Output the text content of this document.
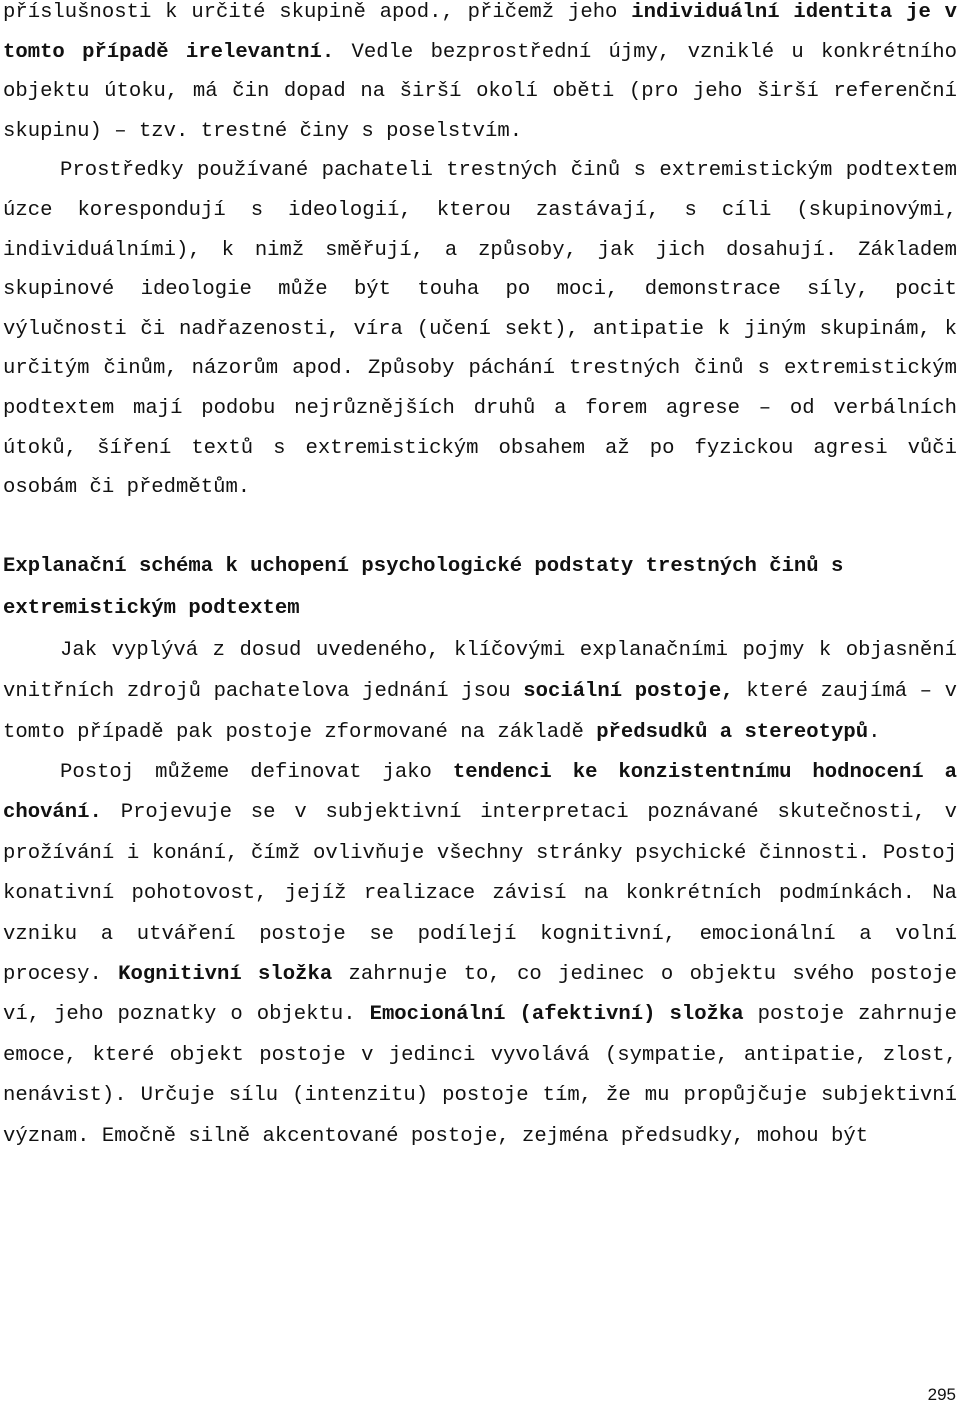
příslušnosti k určité skupině apod., přičemž jeho individuální identita je v tomto případě irelevantní. Vedle bezprostřední újmy, vzniklé u konkrétního objektu útoku, má čin dopad na širší okolí oběti (pro jeho širší referenční skupinu) – tzv. trestné činy s poselstvím.

Prostředky používané pachateli trestných činů s extremistickým podtextem úzce korespondují s ideologií, kterou zastávají, s cíli (skupinovými, individuálními), k nimž směřují, a způsoby, jak jich dosahují. Základem skupinové ideologie může být touha po moci, demonstrace síly, pocit výlučnosti či nadřazenosti, víra (učení sekt), antipatie k jiným skupinám, k určitým činům, názorům apod. Způsoby páchání trestných činů s extremistickým podtextem mají podobu nejrůznějších druhů a forem agrese – od verbálních útoků, šíření textů s extremistickým obsahem až po fyzickou agresi vůči osobám či předmětům.

Explanační schéma k uchopení psychologické podstaty trestných činů s extremistickým podtextem

Jak vyplývá z dosud uvedeného, klíčovými explanačními pojmy k objasnění vnitřních zdrojů pachatelova jednání jsou sociální postoje, které zaujímá – v tomto případě pak postoje zformované na základě předsudků a stereotypů.

Postoj můžeme definovat jako tendenci ke konzistentnímu hodnocení a chování. Projevuje se v subjektivní interpretaci poznávané skutečnosti, v prožívání i konání, čímž ovlivňuje všechny stránky psychické činnosti. Postoj konativní pohotovost, jejíž realizace závisí na konkrétních podmínkách. Na vzniku a utváření postoje se podílejí kognitivní, emocionální a volní procesy. Kognitivní složka zahrnuje to, co jedinec o objektu svého postoje ví, jeho poznatky o objektu. Emocionální (afektivní) složka postoje zahrnuje emoce, které objekt postoje v jedinci vyvolává (sympatie, antipatie, zlost, nenávist). Určuje sílu (intenzitu) postoje tím, že mu propůjčuje subjektivní význam. Emočně silně akcentované postoje, zejména předsudky, mohou být

295
